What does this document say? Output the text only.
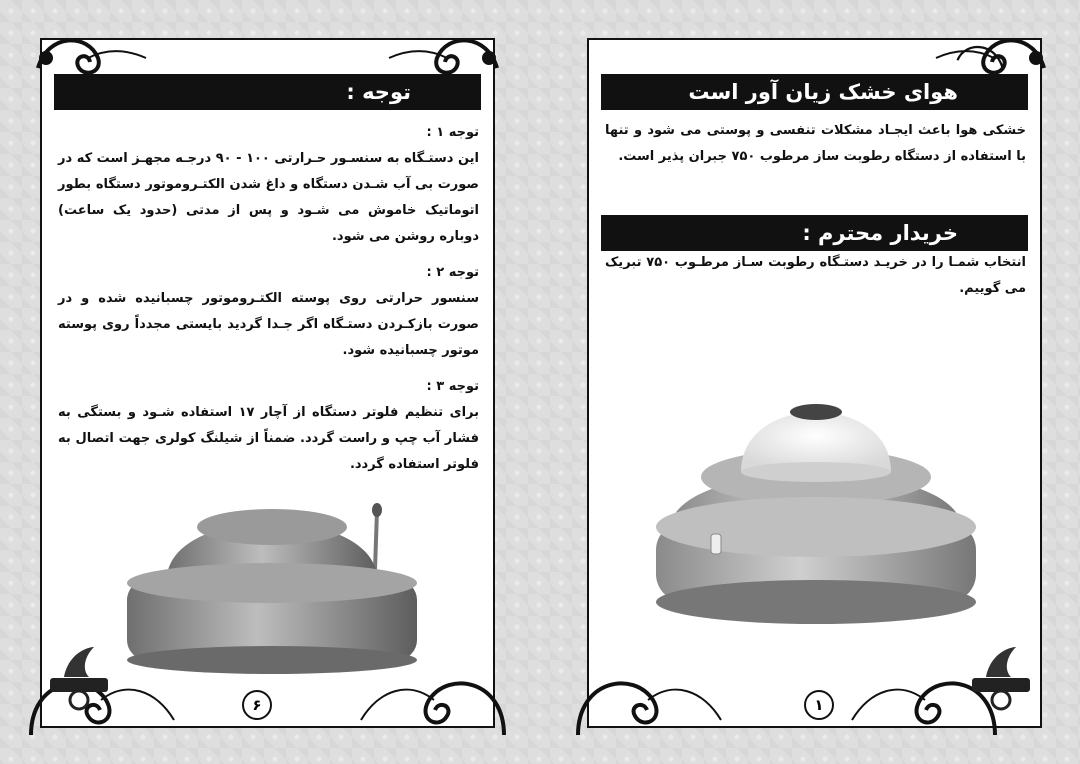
توجه :
توجه ۱ :
این دستـگاه به سنسـور حـرارتی ۱۰۰ - ۹۰ درجـه مجهـز است که در صورت بی آب شـدن دستگاه و داغ شدن الکتـروموتور دستگاه بطور اتوماتیک خاموش می شـود و پس از مدتی (حدود یک ساعت) دوباره روشن می شود.
توجه ۲ :
سنسور حرارتی روی پوسته الکتـروموتور چسبانیده شده و در صورت بازکـردن دستـگاه اگر جـدا گردید بایستی مجدداً روی پوسته موتور چسبانیده شود.
توجه ۳ :
برای تنظیم فلوتر دستگاه از آچار ۱۷ استفاده شـود و بستگی به فشار آب چپ و راست گردد. ضمناً از شیلنگ کولری جهت اتصال به فلوتر استفاده گردد.
۶
هوای خشک زیان آور است
خشکی هوا باعث ایجـاد مشکلات تنفسی و پوستی می شود و تنها با استفاده از دستگاه رطوبت ساز مرطوب ۷۵۰ جبران پذیر است.
خریدار محترم :
انتخاب شمـا را در خریـد دستـگاه رطوبت سـاز مرطـوب ۷۵۰ تبریک می گوییم.
۱
